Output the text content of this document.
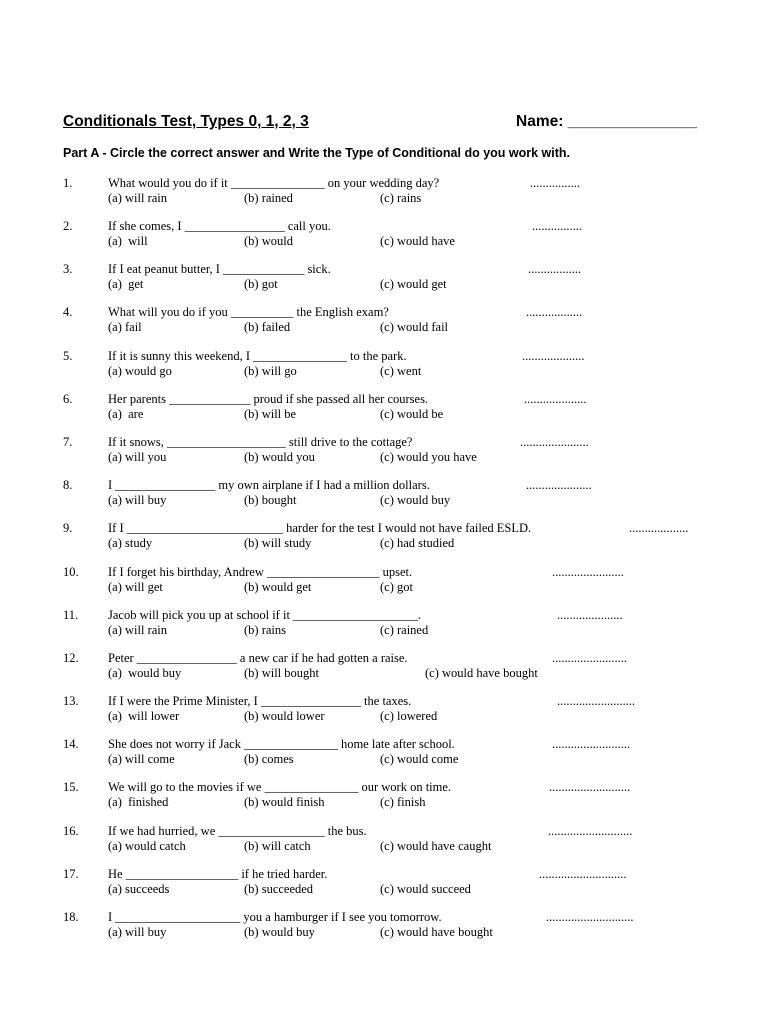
Conditionals Test, Types 0, 1, 2, 3	Name: _______________
Part A - Circle the correct answer and Write the Type of Conditional do you work with.
1.	What would you do if it _______________ on your wedding day?	................
(a) will rain	(b) rained	(c) rains
2.	If she comes, I ________________ call you.	................
(a)  will	(b) would	(c) would have
3.	If I eat peanut butter, I _____________ sick.	.................
(a)  get	(b) got	(c) would get
4.	What will you do if you __________ the English exam?	..................
(a) fail	(b) failed	(c) would fail
5.	If it is sunny this weekend, I _______________ to the park.	....................
(a) would go	(b) will go	(c) went
6.	Her parents _____________ proud if she passed all her courses.	....................
(a)  are	(b) will be	(c) would be
7.	If it snows, ___________________ still drive to the cottage?	......................
(a) will you	(b) would you	(c) would you have
8.	I ________________ my own airplane if I had a million dollars.	.....................
(a) will buy	(b) bought	(c) would buy
9.	If I _________________________ harder for the test I would not have failed ESLD.	...................
(a) study	(b) will study	(c) had studied
10. If I forget his birthday, Andrew __________________ upset.	.......................
(a) will get	(b) would get	(c) got
11. Jacob will pick you up at school if it ____________________.	.....................
(a) will rain	(b) rains	(c) rained
12. Peter ________________ a new car if he had gotten a raise.	........................
(a)  would buy	(b) will bought	(c) would have bought
13. If I were the Prime Minister, I ________________ the taxes.	.........................
(a)  will lower	(b) would lower	(c) lowered
14. She does not worry if Jack _______________ home late after school.	.........................
(a) will come	(b) comes	(c) would come
15. We will go to the movies if we _______________ our work on time.	..........................
(a)  finished	(b) would finish	(c) finish
16. If we had hurried, we _________________ the bus.	...........................
(a) would catch	(b) will catch	(c) would have caught
17. He __________________ if he tried harder.	............................
(a) succeeds	(b) succeeded	(c) would succeed
18. I ____________________ you a hamburger if I see you tomorrow.	............................
(a) will buy	(b) would buy	(c) would have bought
